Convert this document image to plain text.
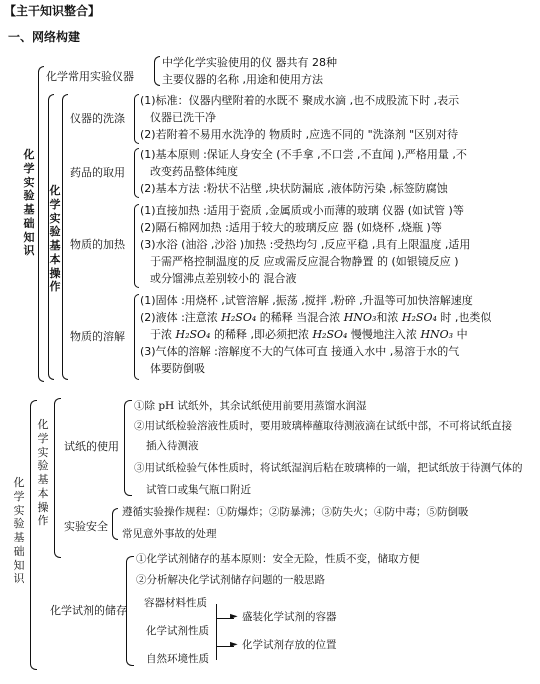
【主干知识整合】
一、网络构建
化学实验基础知识
化学常用实验仪器
中学化学实验使用的仪 器共有 28种
主要仪器的名称 ,用途和使用方法
化学实验基本操作
仪器的洗涤
(1)标准：仪器内壁附着的水既不 聚成水滴 ,也不成股流下时 ,表示
仪器已洗干净
(2)若附着不易用水洗净的 物质时 ,应选不同的 "洗涤剂 "区别对待
药品的取用
(1)基本原则 :保证人身安全 (不手拿 ,不口尝 ,不直闻 ),严格用量 ,不
改变药品整体纯度
(2)基本方法 :粉状不沾壁 ,块状防漏底 ,液体防污染 ,标签防腐蚀
物质的加热
(1)直接加热 :适用于瓷质 ,金属质或小而薄的玻璃 仪器 (如试管 )等
(2)隔石棉网加热 :适用于较大的玻璃反应 器 (如烧杯 ,烧瓶 )等
(3)水浴 (油浴 ,沙浴 )加热 :受热均匀 ,反应平稳 ,具有上限温度 ,适用
于需严格控制温度的反 应或需反应混合物静置 的 (如银镜反应 )
或分馏沸点差别较小的 混合液
物质的溶解
(1)固体 :用烧杯 ,试管溶解 ,振荡 ,搅拌 ,粉碎 ,升温等可加快溶解速度
(2)液体 :注意浓 H₂SO₄ 的稀释 当混合浓 HNO₃和浓 H₂SO₄ 时 ,也类似
于浓 H₂SO₄ 的稀释 ,即必须把浓 H₂SO₄ 慢慢地注入浓 HNO₃ 中
(3)气体的溶解 :溶解度不大的气体可直 接通入水中 ,易溶于水的气
体要防倒吸
化学实验基础知识
化学实验基本操作
试纸的使用
①除 pH 试纸外，其余试纸使用前要用蒸馏水润湿
②用试纸检验溶液性质时，要用玻璃棒蘸取待测液滴在试纸中部，不可将试纸直接
插入待测液
③用试纸检验气体性质时，将试纸湿润后粘在玻璃棒的一端，把试纸放于待测气体的
试管口或集气瓶口附近
实验安全
遵循实验操作规程：①防爆炸；②防暴沸；③防失火；④防中毒；⑤防倒吸
常见意外事故的处理
化学试剂的储存
①化学试剂储存的基本原则：安全无险，性质不变，储取方便
②分析解决化学试剂储存问题的一般思路
容器材料性质
化学试剂性质
自然环境性质
►
►
盛装化学试剂的容器
化学试剂存放的位置
